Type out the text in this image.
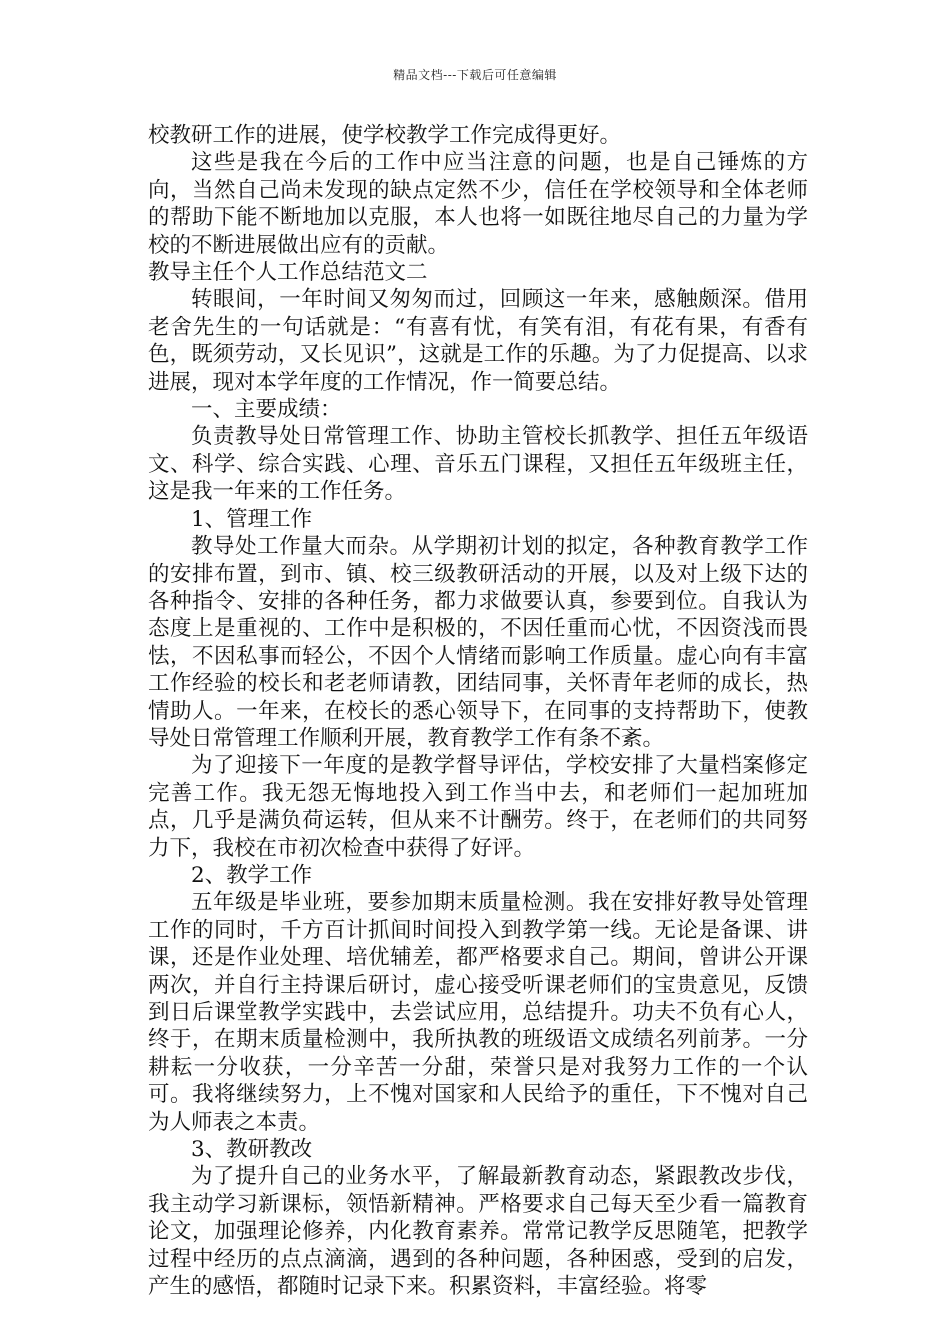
精品文档---下载后可任意编辑

校教研工作的进展，使学校教学工作完成得更好。

这些是我在今后的工作中应当注意的问题，也是自己锤炼的方向，当然自己尚未发现的缺点定然不少，信任在学校领导和全体老师的帮助下能不断地加以克服，本人也将一如既往地尽自己的力量为学校的不断进展做出应有的贡献。

教导主任个人工作总结范文二

转眼间，一年时间又匆匆而过，回顾这一年来，感触颇深。借用老舍先生的一句话就是：“有喜有忧，有笑有泪，有花有果，有香有色，既须劳动，又长见识”，这就是工作的乐趣。为了力促提高、以求进展，现对本学年度的工作情况，作一简要总结。

一、主要成绩：

负责教导处日常管理工作、协助主管校长抓教学、担任五年级语文、科学、综合实践、心理、音乐五门课程，又担任五年级班主任，这是我一年来的工作任务。

1、管理工作

教导处工作量大而杂。从学期初计划的拟定，各种教育教学工作的安排布置，到市、镇、校三级教研活动的开展，以及对上级下达的各种指令、安排的各种任务，都力求做要认真，参要到位。自我认为态度上是重视的、工作中是积极的，不因任重而心忧，不因资浅而畏怯，不因私事而轻公，不因个人情绪而影响工作质量。虚心向有丰富工作经验的校长和老老师请教，团结同事，关怀青年老师的成长，热情助人。一年来，在校长的悉心领导下，在同事的支持帮助下，使教导处日常管理工作顺利开展，教育教学工作有条不紊。

为了迎接下一年度的是教学督导评估，学校安排了大量档案修定完善工作。我无怨无悔地投入到工作当中去，和老师们一起加班加点，几乎是满负荷运转，但从来不计酬劳。终于，在老师们的共同努力下，我校在市初次检查中获得了好评。

2、教学工作

五年级是毕业班，要参加期末质量检测。我在安排好教导处管理工作的同时，千方百计抓间时间投入到教学第一线。无论是备课、讲课，还是作业处理、培优辅差，都严格要求自己。期间，曾讲公开课两次，并自行主持课后研讨，虚心接受听课老师们的宝贵意见，反馈到日后课堂教学实践中，去尝试应用，总结提升。功夫不负有心人，终于，在期末质量检测中，我所执教的班级语文成绩名列前茅。一分耕耘一分收获，一分辛苦一分甜，荣誉只是对我努力工作的一个认可。我将继续努力，上不愧对国家和人民给予的重任，下不愧对自己为人师表之本责。

3、教研教改

为了提升自己的业务水平，了解最新教育动态，紧跟教改步伐，我主动学习新课标，领悟新精神。严格要求自己每天至少看一篇教育论文，加强理论修养，内化教育素养。常常记教学反思随笔，把教学过程中经历的点点滴滴，遇到的各种问题，各种困惑，受到的启发，产生的感悟，都随时记录下来。积累资料，丰富经验。将零
